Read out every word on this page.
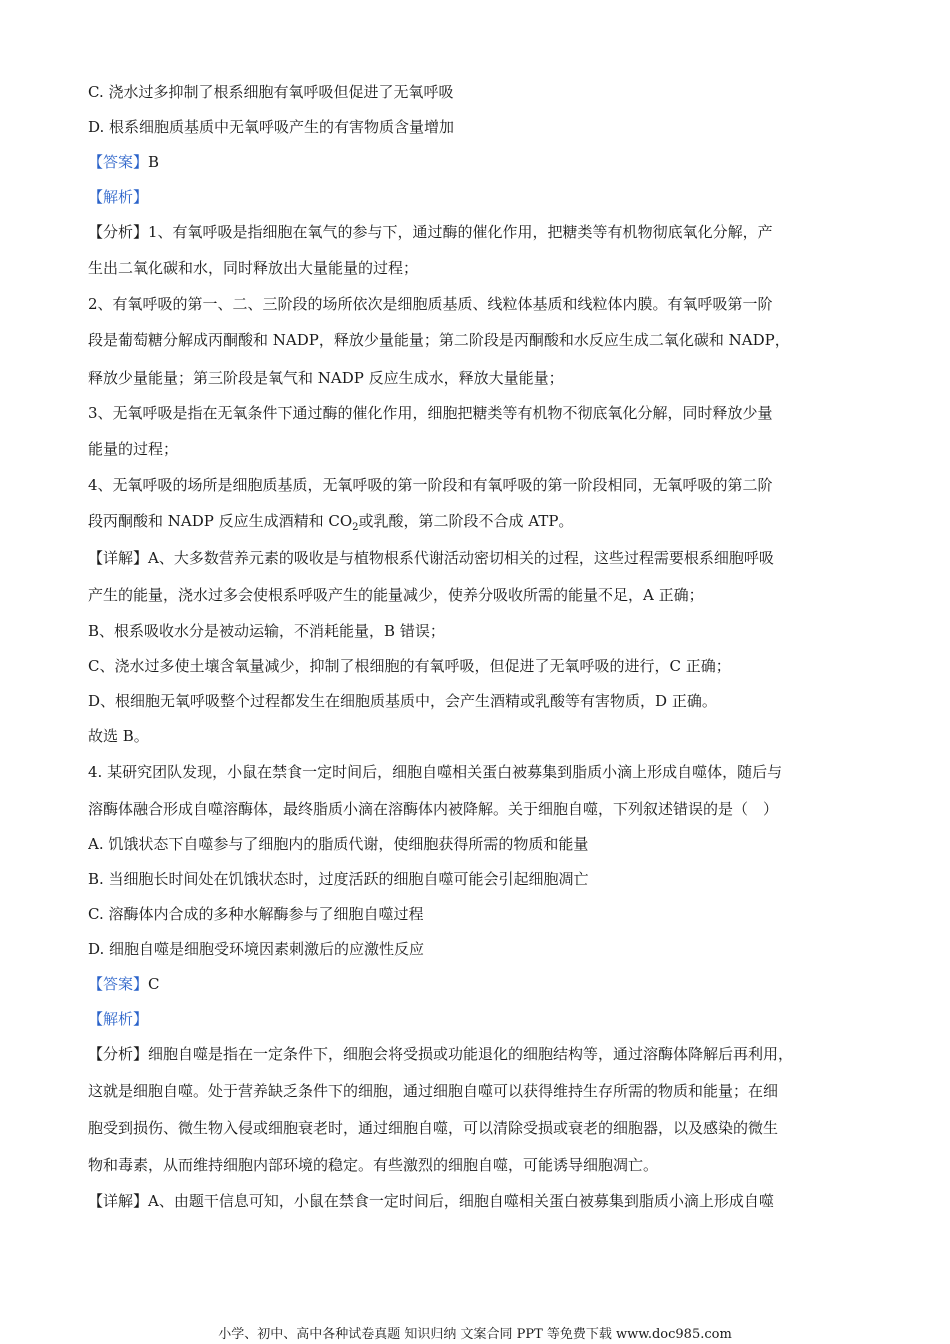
C. 浇水过多抑制了根系细胞有氧呼吸但促进了无氧呼吸
D. 根系细胞质基质中无氧呼吸产生的有害物质含量增加
【答案】B
【解析】
【分析】1、有氧呼吸是指细胞在氧气的参与下，通过酶的催化作用，把糖类等有机物彻底氧化分解，产
生出二氧化碳和水，同时释放出大量能量的过程；
2、有氧呼吸的第一、二、三阶段的场所依次是细胞质基质、线粒体基质和线粒体内膜。有氧呼吸第一阶
段是葡萄糖分解成丙酮酸和 NADP，释放少量能量；第二阶段是丙酮酸和水反应生成二氧化碳和 NADP，
释放少量能量；第三阶段是氧气和 NADP 反应生成水，释放大量能量；
3、无氧呼吸是指在无氧条件下通过酶的催化作用，细胞把糖类等有机物不彻底氧化分解，同时释放少量
能量的过程；
4、无氧呼吸的场所是细胞质基质，无氧呼吸的第一阶段和有氧呼吸的第一阶段相同，无氧呼吸的第二阶
段丙酮酸和 NADP 反应生成酒精和 $CO_2$或乳酸，第二阶段不合成 ATP。
【详解】A、大多数营养元素的吸收是与植物根系代谢活动密切相关的过程，这些过程需要根系细胞呼吸
产生的能量，浇水过多会使根系呼吸产生的能量减少，使养分吸收所需的能量不足，A 正确；
B、根系吸收水分是被动运输，不消耗能量，B 错误；
C、浇水过多使土壤含氧量减少，抑制了根细胞的有氧呼吸，但促进了无氧呼吸的进行，C 正确；
D、根细胞无氧呼吸整个过程都发生在细胞质基质中，会产生酒精或乳酸等有害物质，D 正确。
故选 B。
4. 某研究团队发现，小鼠在禁食一定时间后，细胞自噬相关蛋白被募集到脂质小滴上形成自噬体，随后与
溶酶体融合形成自噬溶酶体，最终脂质小滴在溶酶体内被降解。关于细胞自噬，下列叙述错误的是（　）
A. 饥饿状态下自噬参与了细胞内的脂质代谢，使细胞获得所需的物质和能量
B. 当细胞长时间处在饥饿状态时，过度活跃的细胞自噬可能会引起细胞凋亡
C. 溶酶体内合成的多种水解酶参与了细胞自噬过程
D. 细胞自噬是细胞受环境因素刺激后的应激性反应
【答案】C
【解析】
【分析】细胞自噬是指在一定条件下，细胞会将受损或功能退化的细胞结构等，通过溶酶体降解后再利用，
这就是细胞自噬。处于营养缺乏条件下的细胞，通过细胞自噬可以获得维持生存所需的物质和能量；在细
胞受到损伤、微生物入侵或细胞衰老时，通过细胞自噬，可以清除受损或衰老的细胞器，以及感染的微生
物和毒素，从而维持细胞内部环境的稳定。有些激烈的细胞自噬，可能诱导细胞凋亡。
【详解】A、由题干信息可知，小鼠在禁食一定时间后，细胞自噬相关蛋白被募集到脂质小滴上形成自噬
小学、初中、高中各种试卷真题 知识归纳 文案合同 PPT 等免费下载 www.doc985.com
